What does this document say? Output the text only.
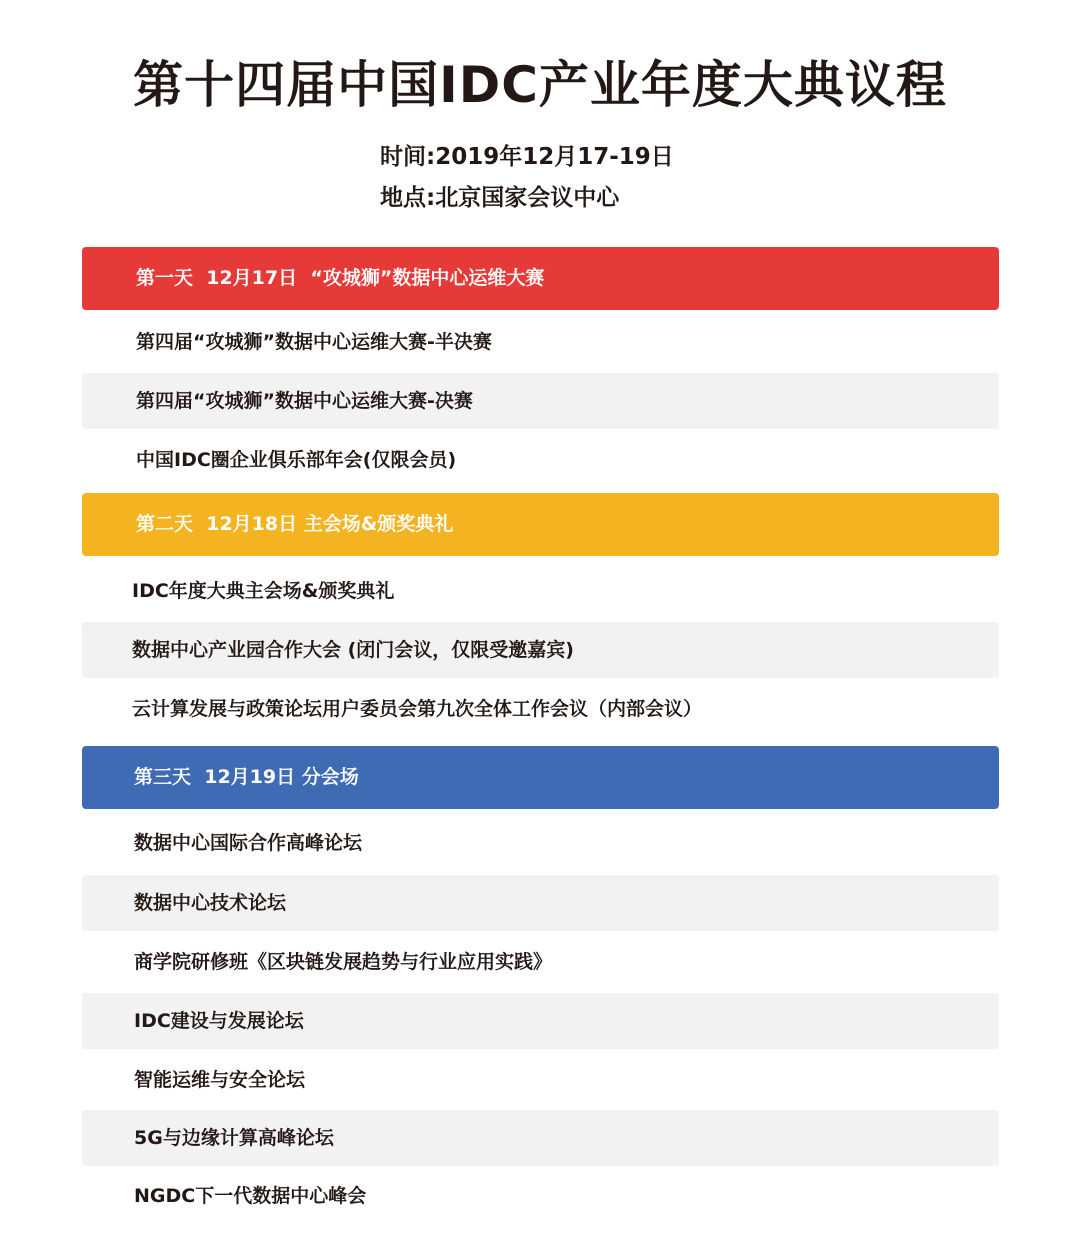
第十四届中国IDC产业年度大典议程
时间:2019年12月17-19日
地点:北京国家会议中心
第一天  12月17日  “攻城狮”数据中心运维大赛
第四届“攻城狮”数据中心运维大赛-半决赛
第四届“攻城狮”数据中心运维大赛-决赛
中国IDC圈企业俱乐部年会(仅限会员)
第二天  12月18日 主会场&颁奖典礼
IDC年度大典主会场&颁奖典礼
数据中心产业园合作大会 (闭门会议，仅限受邀嘉宾)
云计算发展与政策论坛用户委员会第九次全体工作会议（内部会议）
第三天  12月19日 分会场
数据中心国际合作高峰论坛
数据中心技术论坛
商学院研修班《区块链发展趋势与行业应用实践》
IDC建设与发展论坛
智能运维与安全论坛
5G与边缘计算高峰论坛
NGDC下一代数据中心峰会
